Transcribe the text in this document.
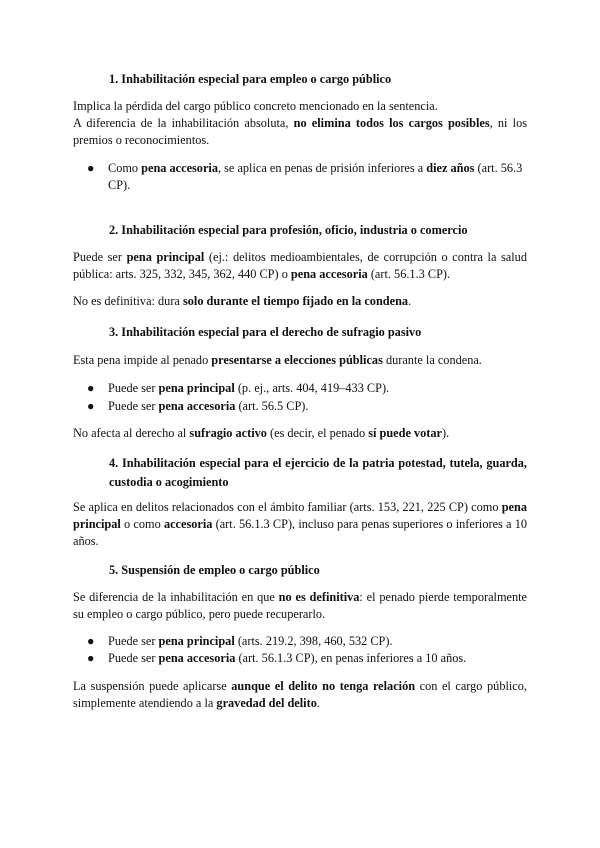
1. Inhabilitación especial para empleo o cargo público

Implica la pérdida del cargo público concreto mencionado en la sentencia.
A diferencia de la inhabilitación absoluta, no elimina todos los cargos posibles, ni los premios o reconocimientos.

● Como pena accesoria, se aplica en penas de prisión inferiores a diez años (art. 56.3 CP).
2. Inhabilitación especial para profesión, oficio, industria o comercio

Puede ser pena principal (ej.: delitos medioambientales, de corrupción o contra la salud pública: arts. 325, 332, 345, 362, 440 CP) o pena accesoria (art. 56.1.3 CP).

No es definitiva: dura solo durante el tiempo fijado en la condena.

3. Inhabilitación especial para el derecho de sufragio pasivo

Esta pena impide al penado presentarse a elecciones públicas durante la condena.

● Puede ser pena principal (p. ej., arts. 404, 419–433 CP).
● Puede ser pena accesoria (art. 56.5 CP).

No afecta al derecho al sufragio activo (es decir, el penado sí puede votar).

4. Inhabilitación especial para el ejercicio de la patria potestad, tutela, guarda, custodia o acogimiento

Se aplica en delitos relacionados con el ámbito familiar (arts. 153, 221, 225 CP) como pena principal o como accesoria (art. 56.1.3 CP), incluso para penas superiores o inferiores a 10 años.

5. Suspensión de empleo o cargo público

Se diferencia de la inhabilitación en que no es definitiva: el penado pierde temporalmente su empleo o cargo público, pero puede recuperarlo.

● Puede ser pena principal (arts. 219.2, 398, 460, 532 CP).
● Puede ser pena accesoria (art. 56.1.3 CP), en penas inferiores a 10 años.

La suspensión puede aplicarse aunque el delito no tenga relación con el cargo público, simplemente atendiendo a la gravedad del delito.
